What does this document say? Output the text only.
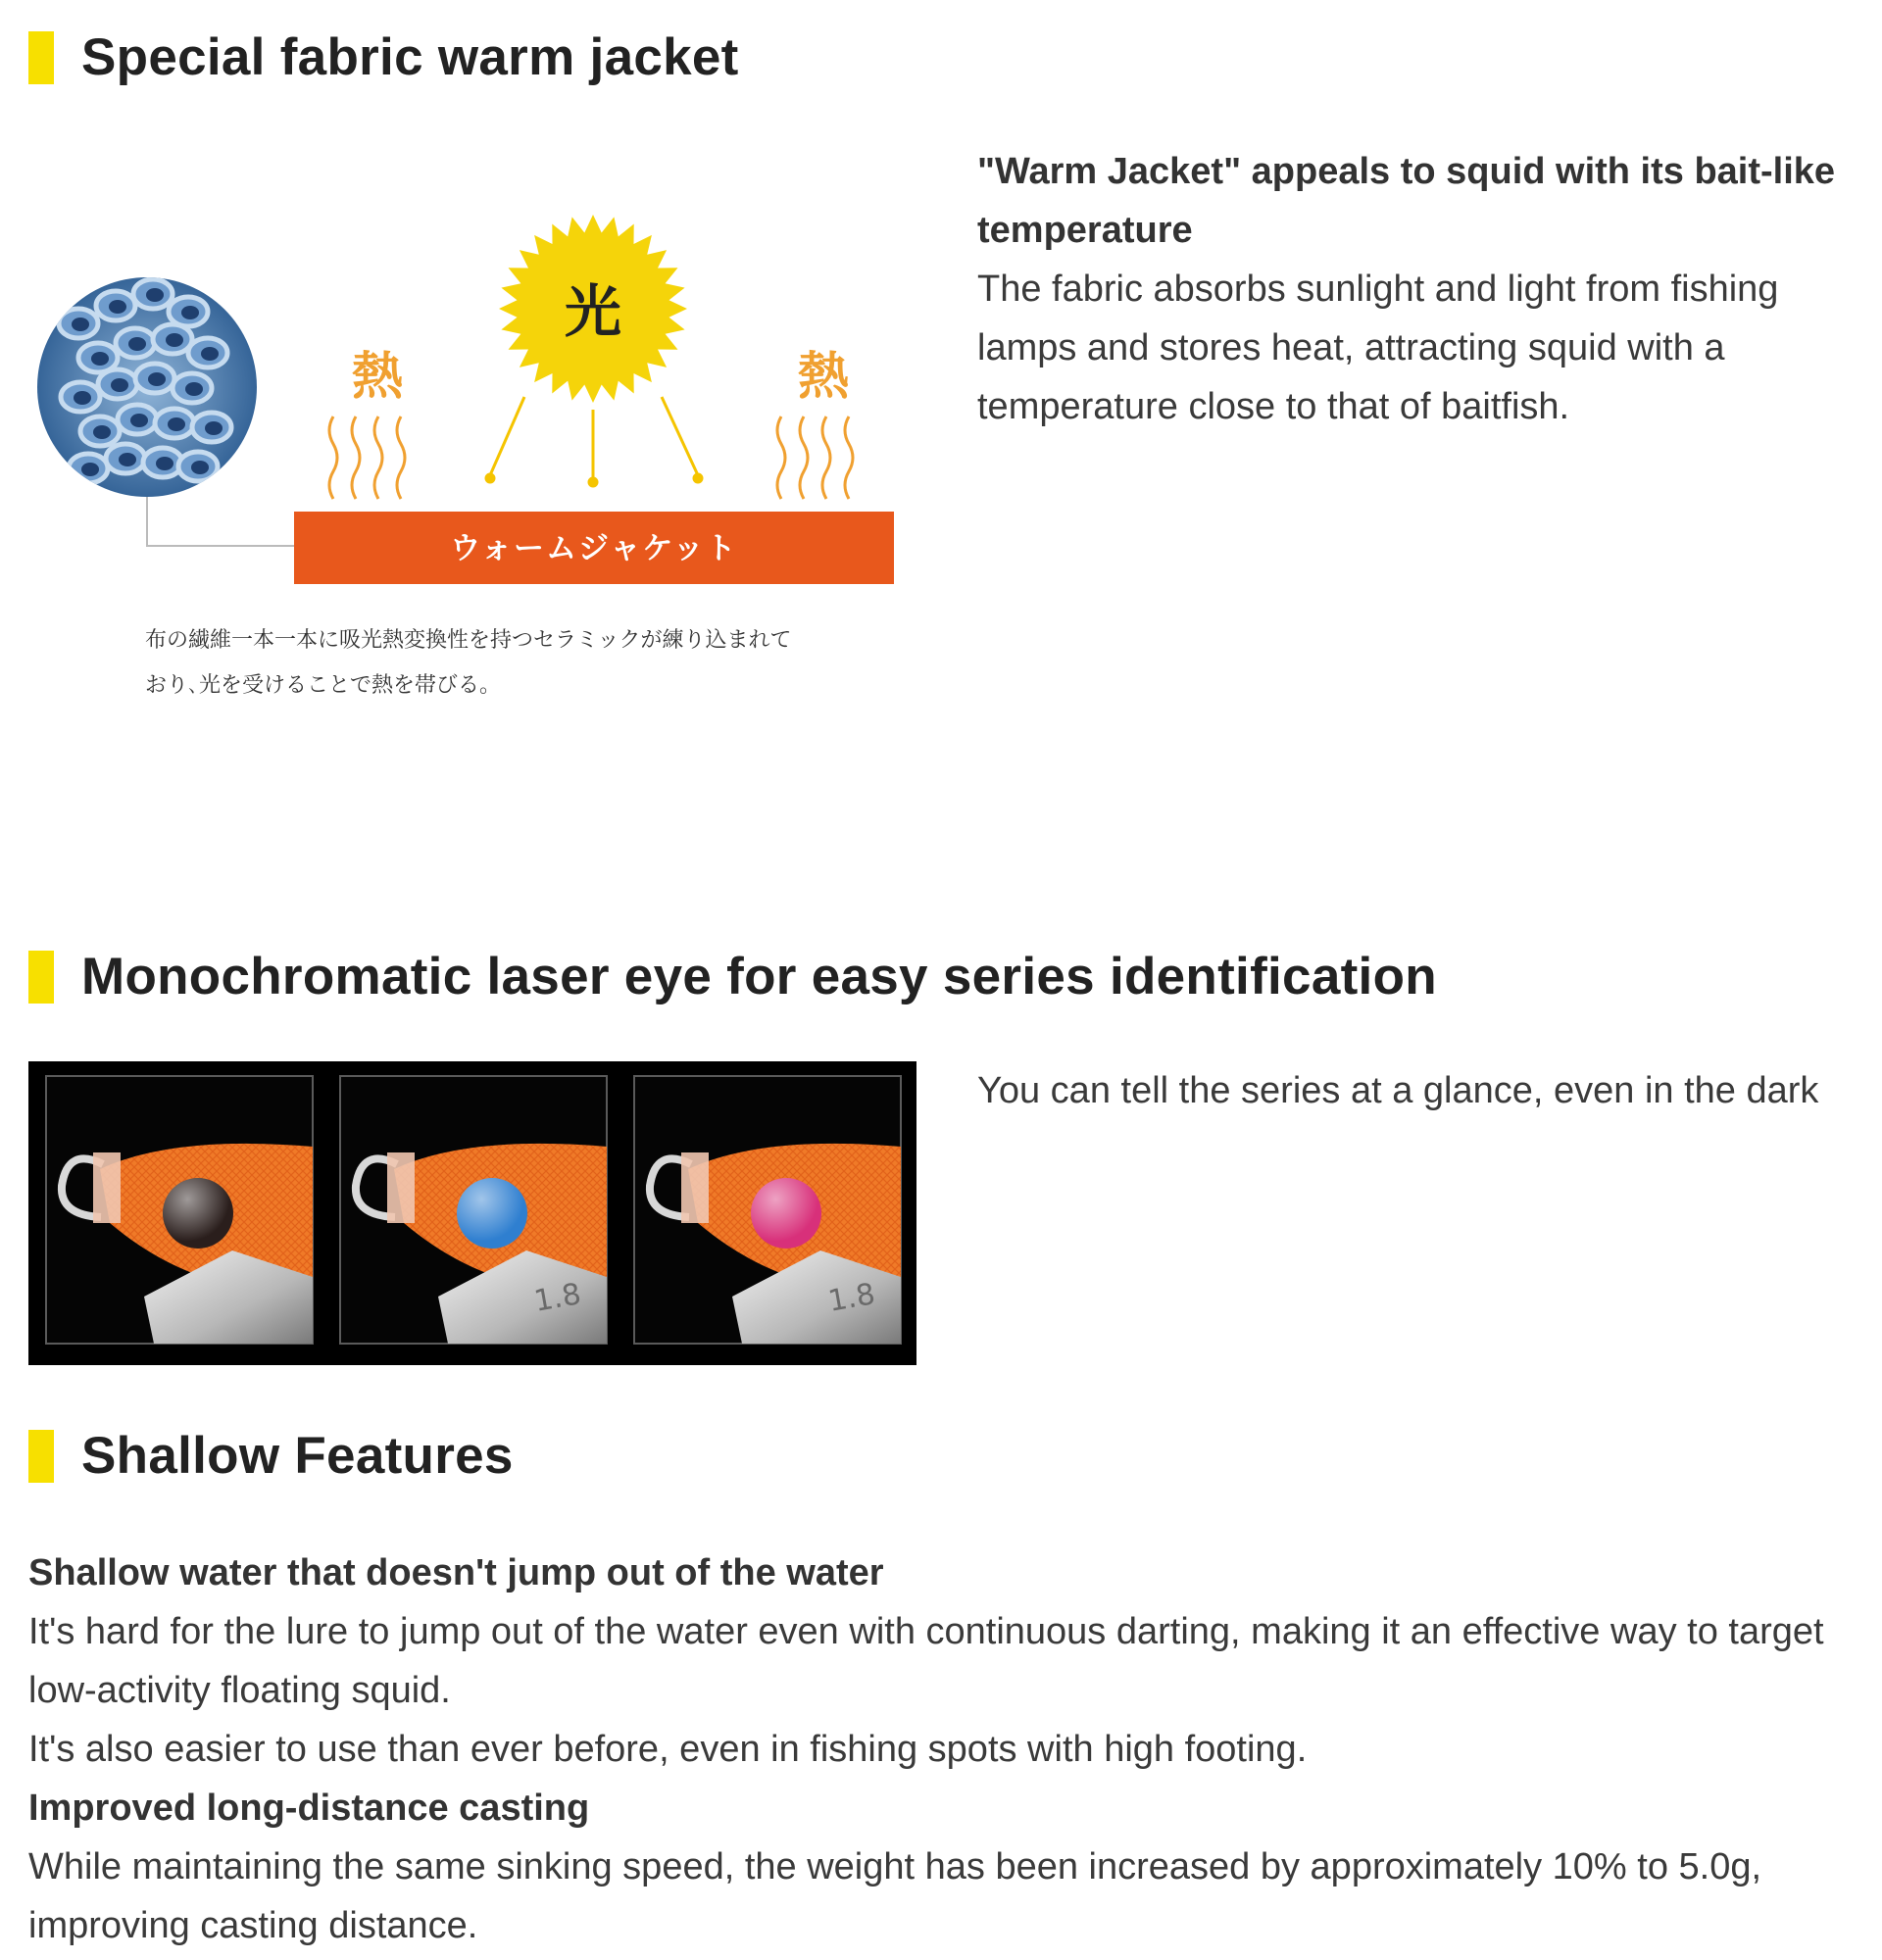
Special fabric warm jacket
光
熱	熱
ウォームジャケット
布の繊維一本一本に吸光熱変換性を持つセラミックが練り込まれて
おり､光を受けることで熱を帯びる｡
"Warm Jacket" appeals to squid with its bait-like temperature
The fabric absorbs sunlight and light from fishing lamps and stores heat, attracting squid with a temperature close to that of baitfish.
Monochromatic laser eye for easy series identification
1.8	1.8
You can tell the series at a glance, even in the dark
Shallow Features
Shallow water that doesn't jump out of the water
It's hard for the lure to jump out of the water even with continuous darting, making it an effective way to target low-activity floating squid.
It's also easier to use than ever before, even in fishing spots with high footing.
Improved long-distance casting
While maintaining the same sinking speed, the weight has been increased by approximately 10% to 5.0g, improving casting distance.
